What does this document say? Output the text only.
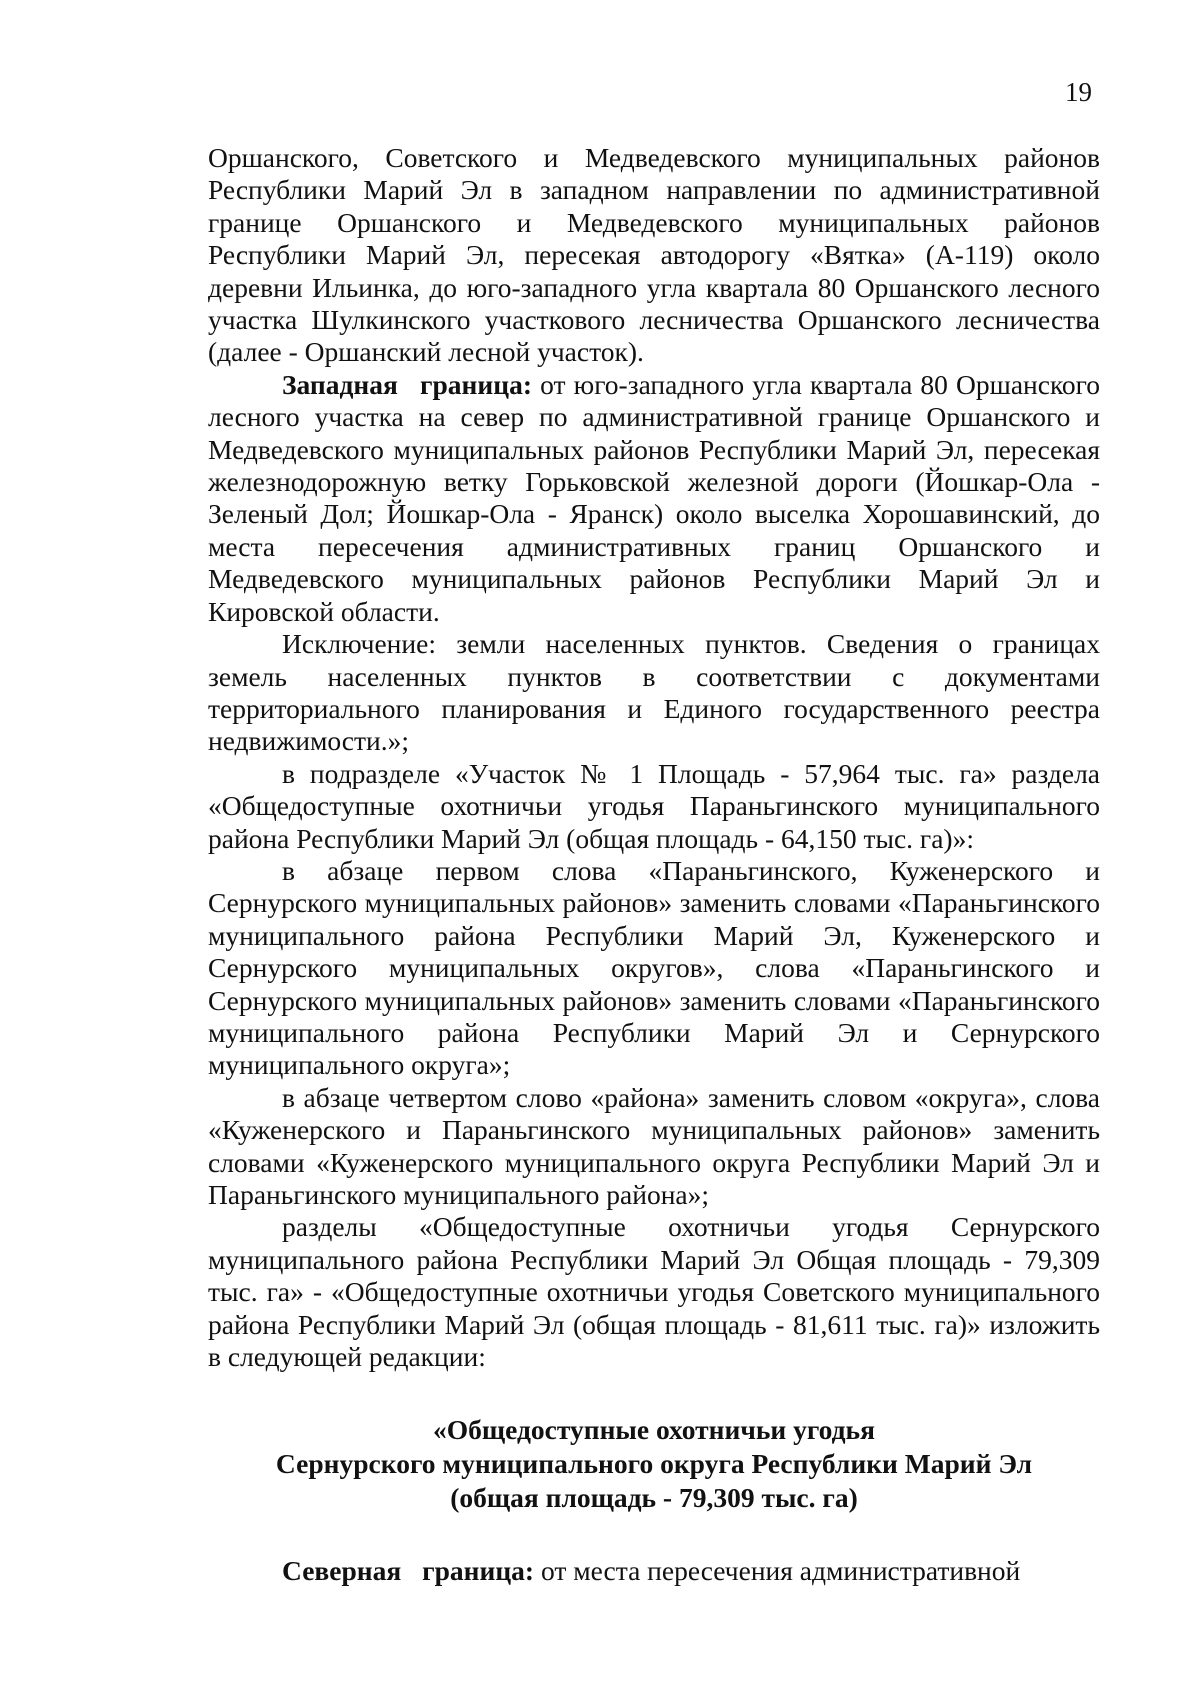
19

Оршанского, Советского и Медведевского муниципальных районов Республики Марий Эл в западном направлении по административной границе Оршанского и Медведевского муниципальных районов Республики Марий Эл, пересекая автодорогу «Вятка» (А-119) около деревни Ильинка, до юго-западного угла квартала 80 Оршанского лесного участка Шулкинского участкового лесничества Оршанского лесничества (далее - Оршанский лесной участок).

Западная граница: от юго-западного угла квартала 80 Оршанского лесного участка на север по административной границе Оршанского и Медведевского муниципальных районов Республики Марий Эл, пересекая железнодорожную ветку Горьковской железной дороги (Йошкар-Ола - Зеленый Дол; Йошкар-Ола - Яранск) около выселка Хорошавинский, до места пересечения административных границ Оршанского и Медведевского муниципальных районов Республики Марий Эл и Кировской области.

Исключение: земли населенных пунктов. Сведения о границах земель населенных пунктов в соответствии с документами территориального планирования и Единого государственного реестра недвижимости.»;

в подразделе «Участок № 1 Площадь - 57,964 тыс. га» раздела «Общедоступные охотничьи угодья Параньгинского муниципального района Республики Марий Эл (общая площадь - 64,150 тыс. га)»:

в абзаце первом слова «Параньгинского, Куженерского и Сернурского муниципальных районов» заменить словами «Параньгинского муниципального района Республики Марий Эл, Куженерского и Сернурского муниципальных округов», слова «Параньгинского и Сернурского муниципальных районов» заменить словами «Параньгинского муниципального района Республики Марий Эл и Сернурского муниципального округа»;

в абзаце четвертом слово «района» заменить словом «округа», слова «Куженерского и Параньгинского муниципальных районов» заменить словами «Куженерского муниципального округа Республики Марий Эл и Параньгинского муниципального района»;

разделы «Общедоступные охотничьи угодья Сернурского муниципального района Республики Марий Эл Общая площадь - 79,309 тыс. га» - «Общедоступные охотничьи угодья Советского муниципального района Республики Марий Эл (общая площадь - 81,611 тыс. га)» изложить в следующей редакции:

«Общедоступные охотничьи угодья
Сернурского муниципального округа Республики Марий Эл
(общая площадь - 79,309 тыс. га)

Северная граница: от места пересечения административной
